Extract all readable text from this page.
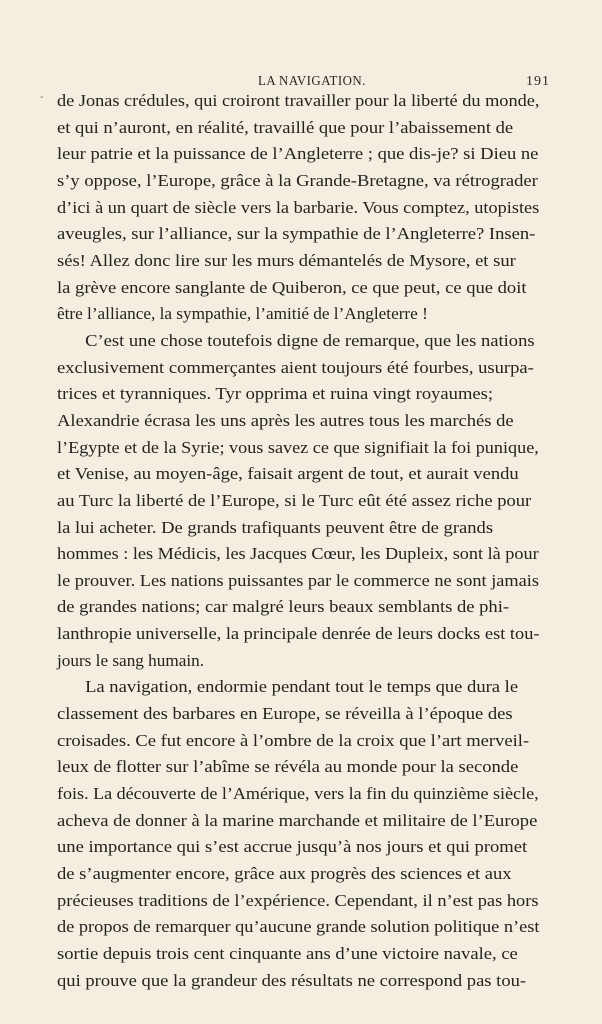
LA NAVIGATION.	191
- de Jonas crédules, qui croiront travailler pour la liberté du monde,
et qui n’auront, en réalité, travaillé que pour l’abaissement de
leur patrie et la puissance de l’Angleterre ; que dis-je? si Dieu ne
s’y oppose, l’Europe, grâce à la Grande-Bretagne, va rétrograder
d’ici à un quart de siècle vers la barbarie. Vous comptez, utopistes
aveugles, sur l’alliance, sur la sympathie de l’Angleterre? Insen-
sés! Allez donc lire sur les murs démantelés de Mysore, et sur
la grève encore sanglante de Quiberon, ce que peut, ce que doit
être l’alliance, la sympathie, l’amitié de l’Angleterre !
C’est une chose toutefois digne de remarque, que les nations
exclusivement commerçantes aient toujours été fourbes, usurpa-
trices et tyranniques. Tyr opprima et ruina vingt royaumes;
Alexandrie écrasa les uns après les autres tous les marchés de
l’Egypte et de la Syrie; vous savez ce que signifiait la foi punique,
et Venise, au moyen-âge, faisait argent de tout, et aurait vendu
au Turc la liberté de l’Europe, si le Turc eût été assez riche pour
la lui acheter. De grands trafiquants peuvent être de grands
hommes : les Médicis, les Jacques Cœur, les Dupleix, sont là pour
le prouver. Les nations puissantes par le commerce ne sont jamais
de grandes nations; car malgré leurs beaux semblants de phi-
lanthropie universelle, la principale denrée de leurs docks est tou-
jours le sang humain.
La navigation, endormie pendant tout le temps que dura le
classement des barbares en Europe, se réveilla à l’époque des
croisades. Ce fut encore à l’ombre de la croix que l’art merveil-
leux de flotter sur l’abîme se révéla au monde pour la seconde
fois. La découverte de l’Amérique, vers la fin du quinzième siècle,
acheva de donner à la marine marchande et militaire de l’Europe
une importance qui s’est accrue jusqu’à nos jours et qui promet
de s’augmenter encore, grâce aux progrès des sciences et aux
précieuses traditions de l’expérience. Cependant, il n’est pas hors
de propos de remarquer qu’aucune grande solution politique n’est
sortie depuis trois cent cinquante ans d’une victoire navale, ce
qui prouve que la grandeur des résultats ne correspond pas tou-
